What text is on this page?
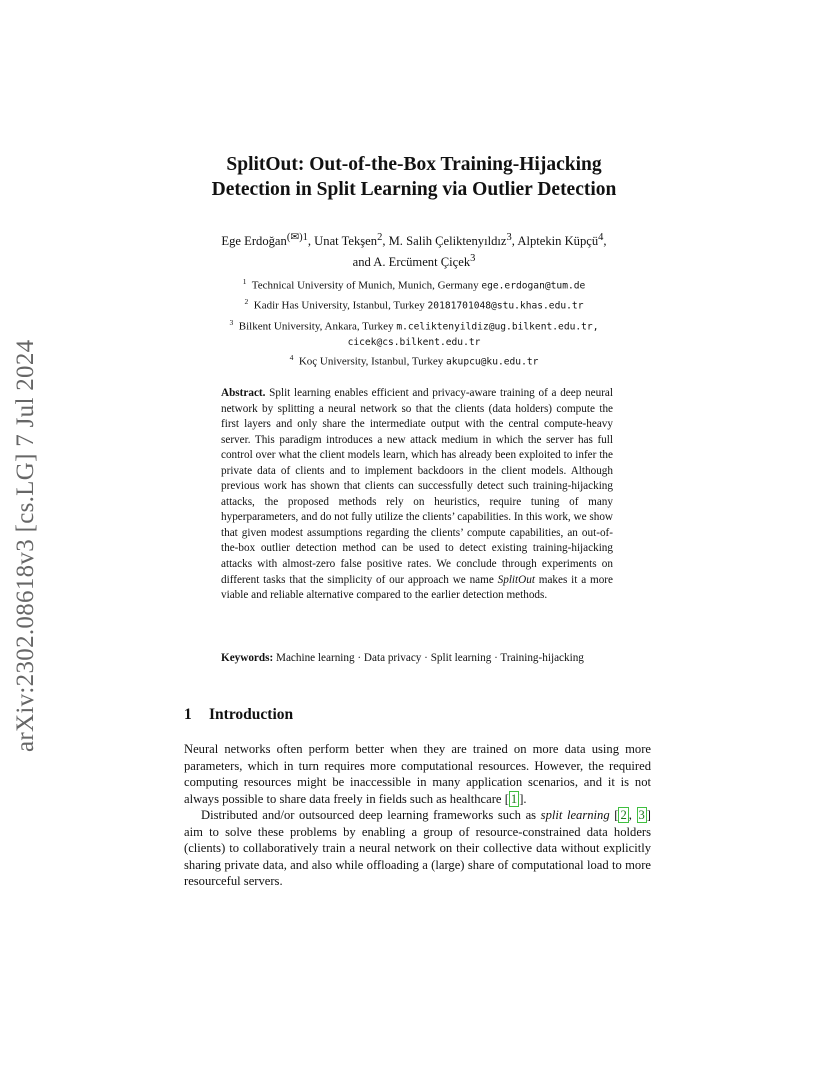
arXiv:2302.08618v3 [cs.LG] 7 Jul 2024
SplitOut: Out-of-the-Box Training-Hijacking
Detection in Split Learning via Outlier Detection
Ege Erdoğan$^{(✉)1}$, Unat Tekşen$^2$, M. Salih Çeliktenyıldız$^3$, Alptekin Küpçü$^4$,
and A. Ercüment Çiçek$^3$
$^1$ Technical University of Munich, Munich, Germany ege.erdogan@tum.de
$^2$ Kadir Has University, Istanbul, Turkey 20181701048@stu.khas.edu.tr
$^3$ Bilkent University, Ankara, Turkey m.celiktenyildiz@ug.bilkent.edu.tr,
cicek@cs.bilkent.edu.tr
$^4$ Koç University, Istanbul, Turkey akupcu@ku.edu.tr
Abstract. Split learning enables efficient and privacy-aware training of a deep neural network by splitting a neural network so that the clients (data holders) compute the first layers and only share the intermediate output with the central compute-heavy server. This paradigm introduces a new attack medium in which the server has full control over what the client models learn, which has already been exploited to infer the private data of clients and to implement backdoors in the client models. Although previous work has shown that clients can successfully detect such training-hijacking attacks, the proposed methods rely on heuristics, require tuning of many hyperparameters, and do not fully utilize the clients’ capabilities. In this work, we show that given modest assumptions regarding the clients’ compute capabilities, an out-of-the-box outlier detection method can be used to detect existing training-hijacking attacks with almost-zero false positive rates. We conclude through experiments on different tasks that the simplicity of our approach we name SplitOut makes it a more viable and reliable alternative compared to the earlier detection methods.
Keywords: Machine learning · Data privacy · Split learning · Training-hijacking
1 Introduction

Neural networks often perform better when they are trained on more data using more parameters, which in turn requires more computational resources. However, the required computing resources might be inaccessible in many application scenarios, and it is not always possible to share data freely in fields such as healthcare [ 1 ].

Distributed and/or outsourced deep learning frameworks such as split learning [ 2 , 3 ] aim to solve these problems by enabling a group of resource-constrained data holders (clients) to collaboratively train a neural network on their collective data without explicitly sharing private data, and also while offloading a (large) share of computational load to more resourceful servers.
